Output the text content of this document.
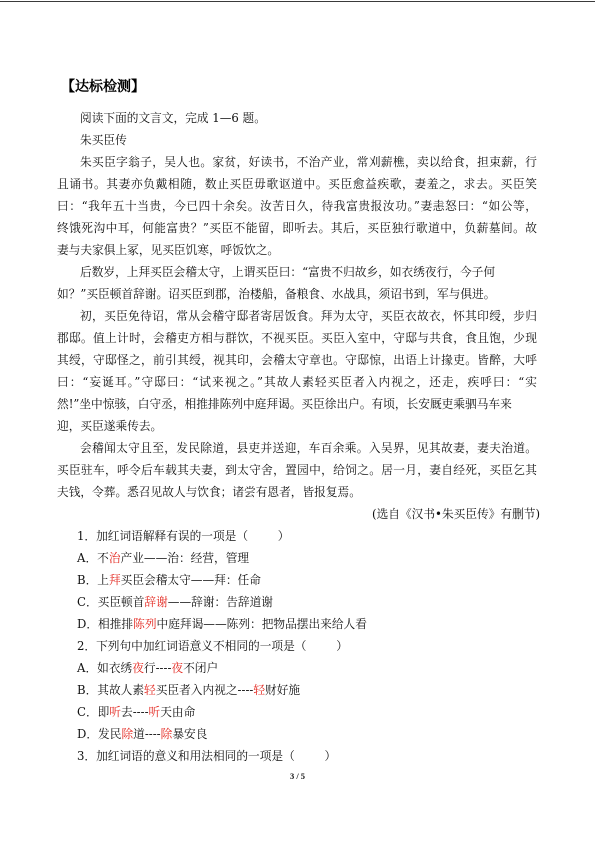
【达标检测】
阅读下面的文言文，完成 1—6 题。
朱买臣传
朱买臣字翁子，吴人也。家贫，好读书，不治产业，常刈薪樵，卖以给食，担束薪，行
且诵书。其妻亦负戴相随，数止买臣毋歌讴道中。买臣愈益疾歌，妻羞之，求去。买臣笑
曰：“我年五十当贵，今已四十余矣。汝苦日久，待我富贵报汝功。”妻恚怒曰：“如公等，
终饿死沟中耳，何能富贵？”买臣不能留，即听去。其后，买臣独行歌道中，负薪墓间。故
妻与夫家俱上冢，见买臣饥寒，呼饭饮之。
后数岁，上拜买臣会稽太守，上谓买臣曰：“富贵不归故乡，如衣绣夜行，今子何
如？”买臣顿首辞谢。诏买臣到郡，治楼船，备粮食、水战具，须诏书到，军与俱进。
初，买臣免待诏，常从会稽守邸者寄居饭食。拜为太守，买臣衣故衣，怀其印绶，步归
郡邸。值上计时，会稽吏方相与群饮，不视买臣。买臣入室中，守邸与共食，食且饱，少现
其绶，守邸怪之，前引其绶，视其印，会稽太守章也。守邸惊，出语上计掾吏。皆醉，大呼
曰：“妄诞耳。”守邸曰：“试来视之。”其故人素轻买臣者入内视之，还走，疾呼曰：“实
然!”坐中惊骇，白守丞，相推排陈列中庭拜谒。买臣徐出户。有顷，长安厩吏乘驷马车来
迎，买臣遂乘传去。
会稽闻太守且至，发民除道，县吏并送迎，车百余乘。入吴界，见其故妻，妻夫治道。
买臣驻车，呼令后车载其夫妻，到太守舍，置园中，给饲之。居一月，妻自经死，买臣乞其
夫钱，令葬。悉召见故人与饮食；诸尝有恩者，皆报复焉。
(选自《汉书•朱买臣传》有删节)
1．加红词语解释有误的一项是（        ）
A．不治产业——治：经营，管理
B．上拜买臣会稽太守——拜：任命
C．买臣顿首辞谢——辞谢：告辞道谢
D．相推排陈列中庭拜谒——陈列：把物品摆出来给人看
2．下列句中加红词语意义不相同的一项是（        ）
A．如衣绣夜行----夜不闭户
B．其故人素轻买臣者入内视之----轻财好施
C．即听去----听天由命
D．发民除道----除暴安良
3．加红词语的意义和用法相同的一项是（        ）
3 / 5
